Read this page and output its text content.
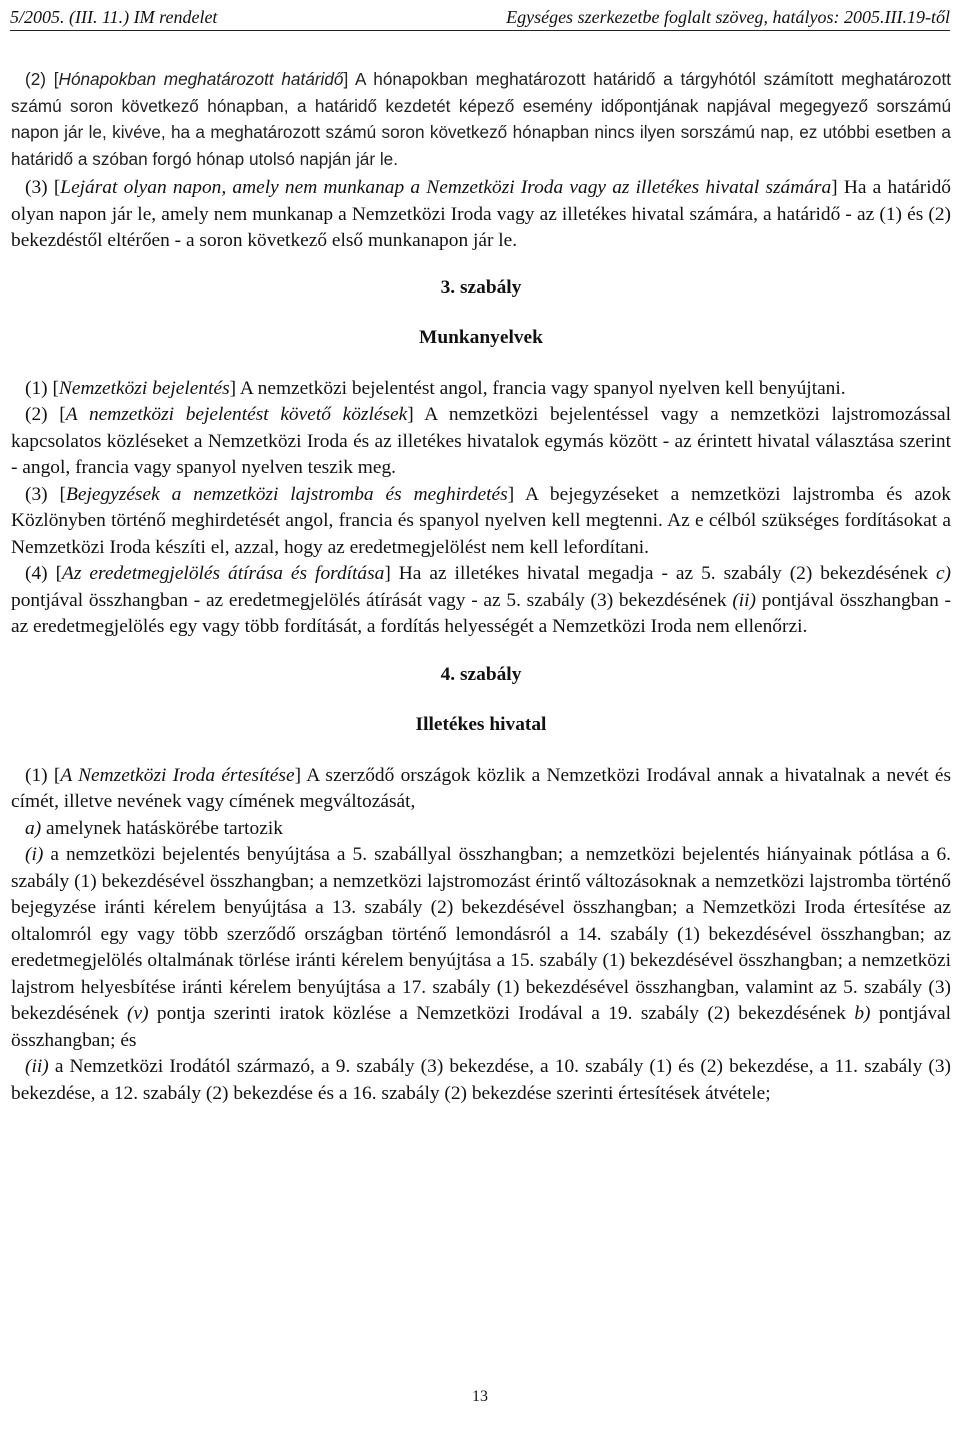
5/2005. (III. 11.) IM rendelet	Egységes szerkezetbe foglalt szöveg, hatályos: 2005.III.19-től

(2) [Hónapokban meghatározott határidő] A hónapokban meghatározott határidő a tárgyhótól számított meghatározott számú soron következő hónapban, a határidő kezdetét képező esemény időpontjának napjával megegyező sorszámú napon jár le, kivéve, ha a meghatározott számú soron következő hónapban nincs ilyen sorszámú nap, ez utóbbi esetben a határidő a szóban forgó hónap utolsó napján jár le.

(3) [Lejárat olyan napon, amely nem munkanap a Nemzetközi Iroda vagy az illetékes hivatal számára] Ha a határidő olyan napon jár le, amely nem munkanap a Nemzetközi Iroda vagy az illetékes hivatal számára, a határidő - az (1) és (2) bekezdéstől eltérően - a soron következő első munkanapon jár le.

3. szabály

Munkanyelvek

(1) [Nemzetközi bejelentés] A nemzetközi bejelentést angol, francia vagy spanyol nyelven kell benyújtani.

(2) [A nemzetközi bejelentést követő közlések] A nemzetközi bejelentéssel vagy a nemzetközi lajstromozással kapcsolatos közléseket a Nemzetközi Iroda és az illetékes hivatalok egymás között - az érintett hivatal választása szerint - angol, francia vagy spanyol nyelven teszik meg.

(3) [Bejegyzések a nemzetközi lajstromba és meghirdetés] A bejegyzéseket a nemzetközi lajstromba és azok Közlönyben történő meghirdetését angol, francia és spanyol nyelven kell megtenni. Az e célból szükséges fordításokat a Nemzetközi Iroda készíti el, azzal, hogy az eredetmegjelölést nem kell lefordítani.

(4) [Az eredetmegjelölés átírása és fordítása] Ha az illetékes hivatal megadja - az 5. szabály (2) bekezdésének c) pontjával összhangban - az eredetmegjelölés átírását vagy - az 5. szabály (3) bekezdésének (ii) pontjával összhangban - az eredetmegjelölés egy vagy több fordítását, a fordítás helyességét a Nemzetközi Iroda nem ellenőrzi.

4. szabály

Illetékes hivatal

(1) [A Nemzetközi Iroda értesítése] A szerződő országok közlik a Nemzetközi Irodával annak a hivatalnak a nevét és címét, illetve nevének vagy címének megváltozását,

a) amelynek hatáskörébe tartozik

(i) a nemzetközi bejelentés benyújtása a 5. szabállyal összhangban; a nemzetközi bejelentés hiányainak pótlása a 6. szabály (1) bekezdésével összhangban; a nemzetközi lajstromozást érintő változásoknak a nemzetközi lajstromba történő bejegyzése iránti kérelem benyújtása a 13. szabály (2) bekezdésével összhangban; a Nemzetközi Iroda értesítése az oltalomról egy vagy több szerződő országban történő lemondásról a 14. szabály (1) bekezdésével összhangban; az eredetmegjelölés oltalmának törlése iránti kérelem benyújtása a 15. szabály (1) bekezdésével összhangban; a nemzetközi lajstrom helyesbítése iránti kérelem benyújtása a 17. szabály (1) bekezdésével összhangban, valamint az 5. szabály (3) bekezdésének (v) pontja szerinti iratok közlése a Nemzetközi Irodával a 19. szabály (2) bekezdésének b) pontjával összhangban; és

(ii) a Nemzetközi Irodától származó, a 9. szabály (3) bekezdése, a 10. szabály (1) és (2) bekezdése, a 11. szabály (3) bekezdése, a 12. szabály (2) bekezdése és a 16. szabály (2) bekezdése szerinti értesítések átvétele;

13
